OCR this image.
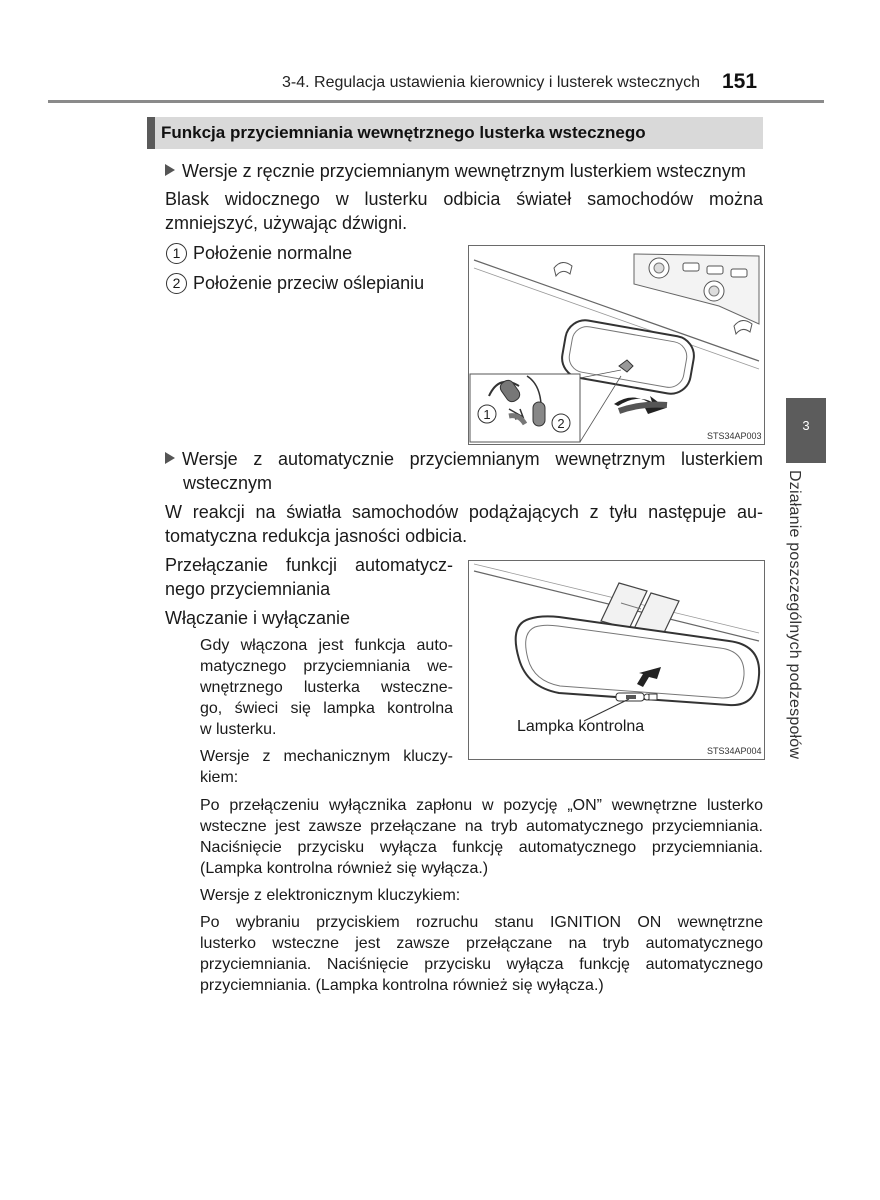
3-4. Regulacja ustawienia kierownicy i lusterek wstecznych 151
Funkcja przyciemniania wewnętrznego lusterka wstecznego
3
Działanie poszczególnych podzespołów
Wersje z ręcznie przyciemnianym wewnętrznym lusterkiem wstecznym
Blask widocznego w lusterku odbicia świateł samochodów można
zmniejszyć, używając dźwigni.
1 Położenie normalne
2 Położenie przeciw oślepianiu
1
2
STS34AP003
Wersje z automatycznie przyciemnianym wewnętrznym lusterkiem
wstecznym
W reakcji na światła samochodów podążających z tyłu następuje au-
tomatyczna redukcja jasności odbicia.
Przełączanie funkcji automatycz-
nego przyciemniania
Włączanie i wyłączanie
Gdy włączona jest funkcja auto-
matycznego przyciemniania we-
wnętrznego lusterka wsteczne-
go, świeci się lampka kontrolna
w lusterku.
Wersje z mechanicznym kluczy-
kiem:
Po przełączeniu wyłącznika zapłonu w pozycję „ON” wewnętrzne lusterko
wsteczne jest zawsze przełączane na tryb automatycznego przyciemniania.
Naciśnięcie przycisku wyłącza funkcję automatycznego przyciemniania.
(Lampka kontrolna również się wyłącza.)
Wersje z elektronicznym kluczykiem:
Po wybraniu przyciskiem rozruchu stanu IGNITION ON wewnętrzne
lusterko wsteczne jest zawsze przełączane na tryb automatycznego
przyciemniania. Naciśnięcie przycisku wyłącza funkcję automatycznego
przyciemniania. (Lampka kontrolna również się wyłącza.)
Lampka kontrolna
STS34AP004
